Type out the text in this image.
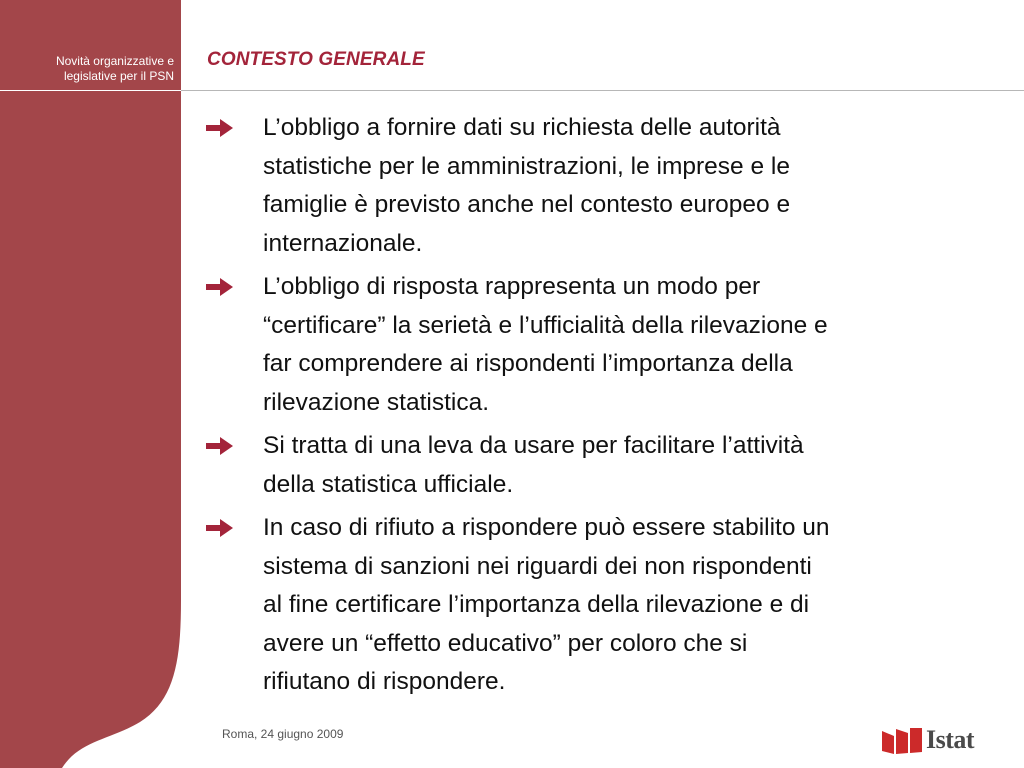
Novità organizzative e
legislative per il PSN
CONTESTO GENERALE
L’obbligo a fornire dati su richiesta delle autorità
statistiche per le amministrazioni, le imprese e le
famiglie è previsto anche nel contesto europeo e
internazionale.
L’obbligo di risposta rappresenta un modo per
“certificare” la serietà e l’ufficialità della rilevazione e
far comprendere ai rispondenti l’importanza della
rilevazione statistica.
Si tratta di una leva da usare per facilitare l’attività
della statistica ufficiale.
In caso di rifiuto a rispondere può essere stabilito un
sistema di sanzioni nei riguardi dei non rispondenti
al fine certificare l’importanza della rilevazione e di
avere un “effetto educativo” per coloro che si
rifiutano di rispondere.
Roma, 24 giugno 2009	Istat
